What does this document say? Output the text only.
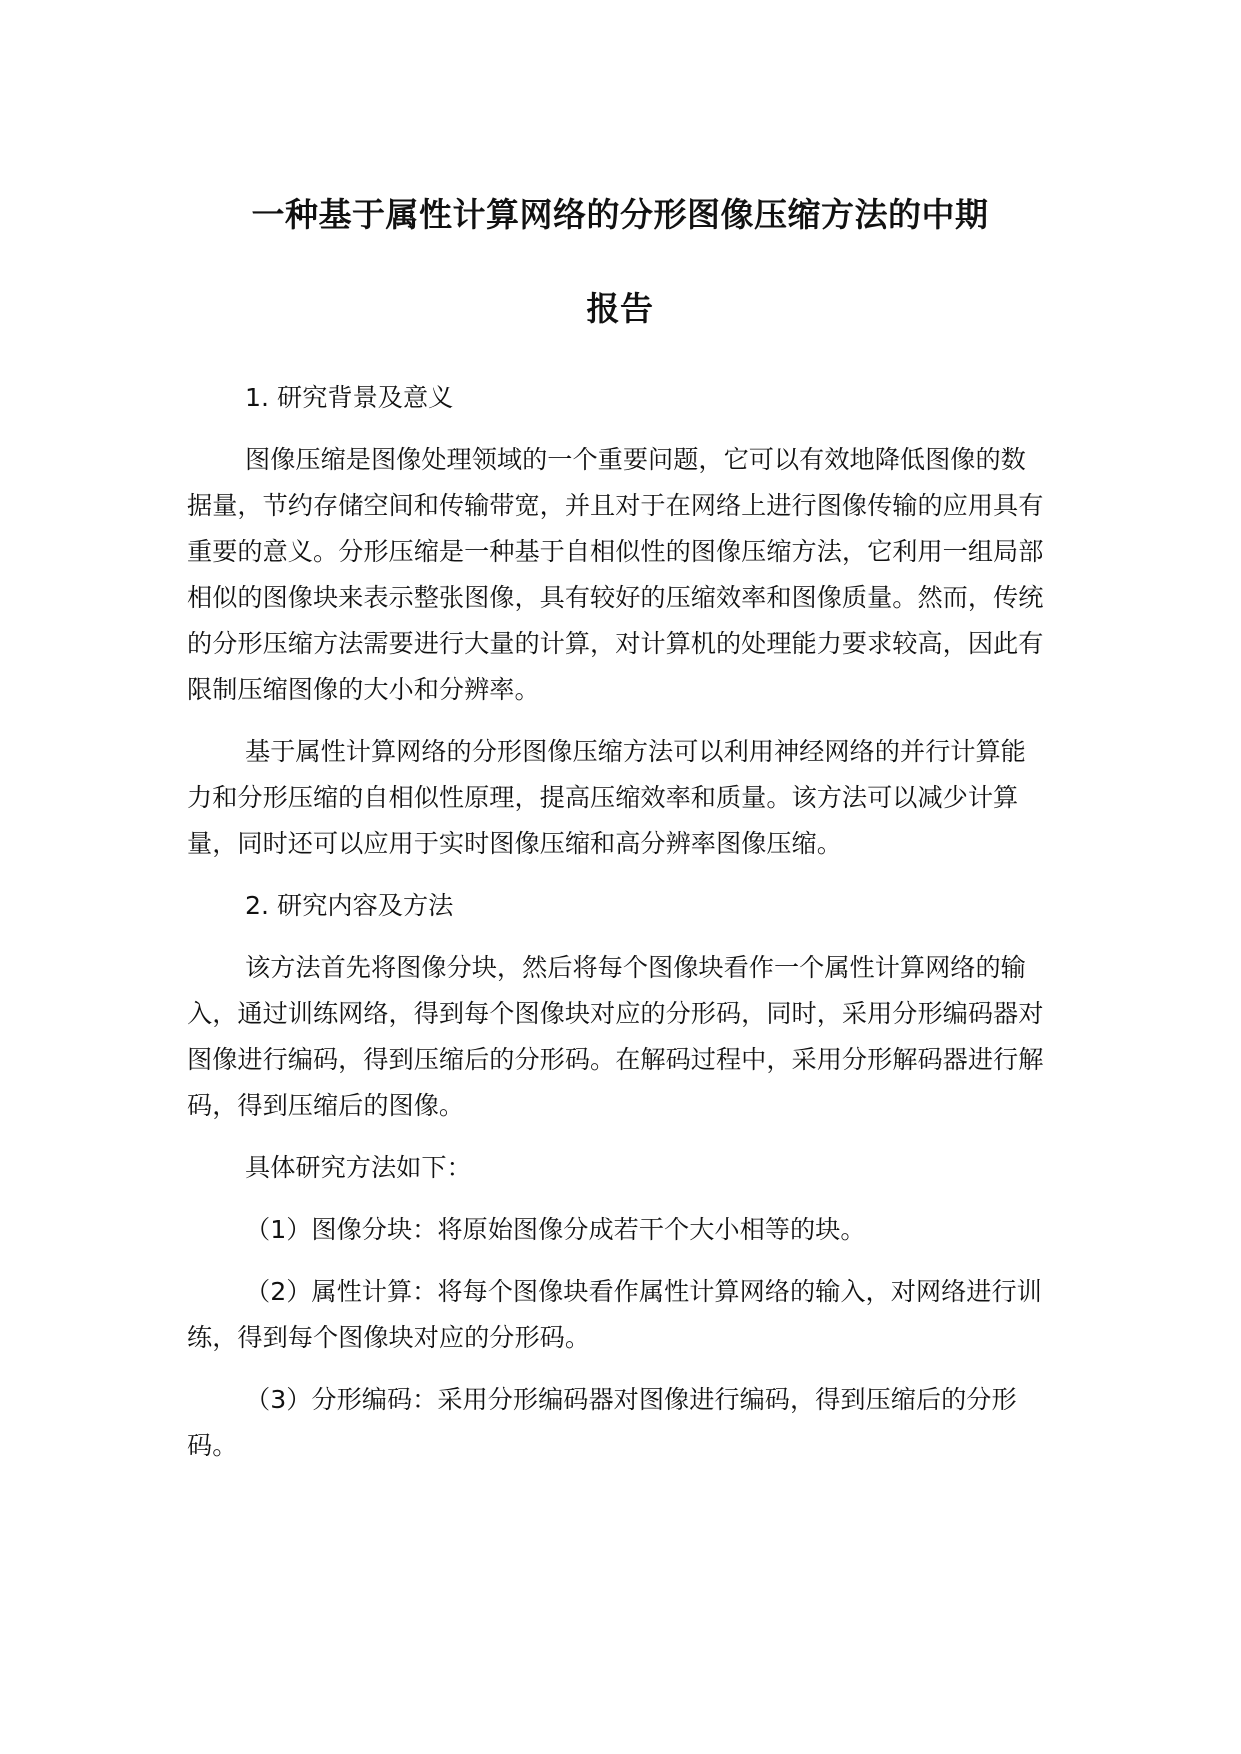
一种基于属性计算网络的分形图像压缩方法的中期
报告

1. 研究背景及意义

图像压缩是图像处理领域的一个重要问题，它可以有效地降低图像的数据量，节约存储空间和传输带宽，并且对于在网络上进行图像传输的应用具有重要的意义。分形压缩是一种基于自相似性的图像压缩方法，它利用一组局部相似的图像块来表示整张图像，具有较好的压缩效率和图像质量。然而，传统的分形压缩方法需要进行大量的计算，对计算机的处理能力要求较高，因此有限制压缩图像的大小和分辨率。

基于属性计算网络的分形图像压缩方法可以利用神经网络的并行计算能力和分形压缩的自相似性原理，提高压缩效率和质量。该方法可以减少计算量，同时还可以应用于实时图像压缩和高分辨率图像压缩。

2. 研究内容及方法

该方法首先将图像分块，然后将每个图像块看作一个属性计算网络的输入，通过训练网络，得到每个图像块对应的分形码，同时，采用分形编码器对图像进行编码，得到压缩后的分形码。在解码过程中，采用分形解码器进行解码，得到压缩后的图像。

具体研究方法如下：

（1）图像分块：将原始图像分成若干个大小相等的块。

（2）属性计算：将每个图像块看作属性计算网络的输入，对网络进行训练，得到每个图像块对应的分形码。

（3）分形编码：采用分形编码器对图像进行编码，得到压缩后的分形码。
